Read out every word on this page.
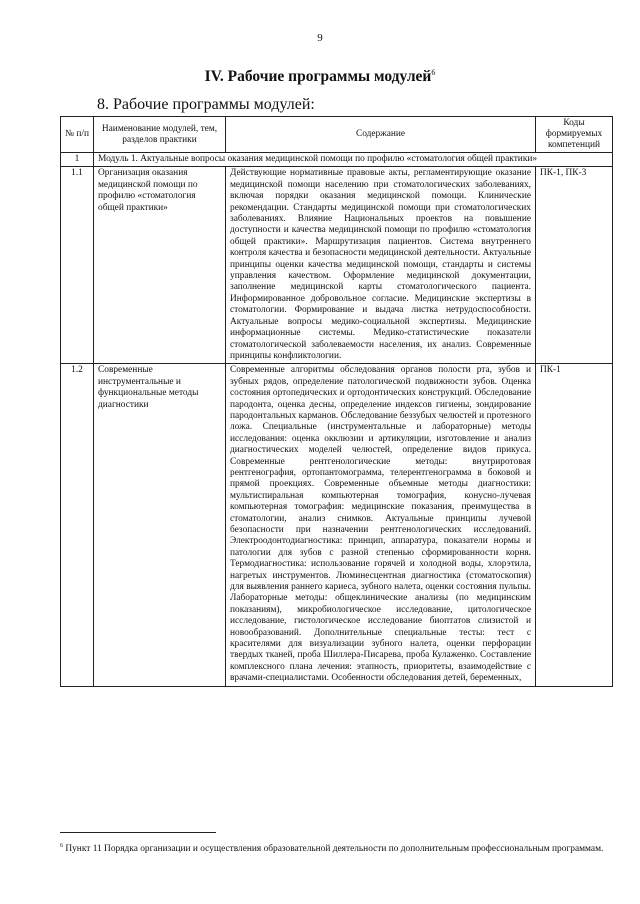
9
IV. Рабочие программы модулей$^6$
8. Рабочие программы модулей:
№ п/п	Наименование модулей, тем, разделов практики	Содержание	Коды формируемых компетенций
1	Модуль 1. Актуальные вопросы оказания медицинской помощи по профилю «стоматология общей практики»		
1.1	Организация оказания медицинской помощи по профилю «стоматология общей практики»	Действующие нормативные правовые акты, регламентирующие оказание медицинской помощи населению при стоматологических заболеваниях, включая порядки оказания медицинской помощи. Клинические рекомендации. Стандарты медицинской помощи при стоматологических заболеваниях. Влияние Национальных проектов на повышение доступности и качества медицинской помощи по профилю «стоматология общей практики». Маршрутизация пациентов. Система внутреннего контроля качества и безопасности медицинской деятельности. Актуальные принципы оценки качества медицинской помощи, стандарты и системы управления качеством. Оформление медицинской документации, заполнение медицинской карты стоматологического пациента. Информированное добровольное согласие. Медицинские экспертизы в стоматологии. Формирование и выдача листка нетрудоспособности. Актуальные вопросы медико-социальной экспертизы. Медицинские информационные системы. Медико-статистические показатели стоматологической заболеваемости населения, их анализ. Современные принципы конфликтологии.	ПК-1, ПК-3
1.2	Современные инструментальные и функциональные методы диагностики	Современные алгоритмы обследования органов полости рта, зубов и зубных рядов, определение патологической подвижности зубов. Оценка состояния ортопедических и ортодонтических конструкций. Обследование пародонта, оценка десны, определение индексов гигиены, зондирование пародонтальных карманов. Обследование беззубых челюстей и протезного ложа. Специальные (инструментальные и лабораторные) методы исследования: оценка окклюзии и артикуляции, изготовление и анализ диагностических моделей челюстей, определение видов прикуса. Современные рентгенологические методы: внутриротовая рентгенография, ортопантомограмма, телерентгенограмма в боковой и прямой проекциях. Современные объемные методы диагностики: мультиспиральная компьютерная томография, конусно-лучевая компьютерная томография: медицинские показания, преимущества в стоматологии, анализ снимков. Актуальные принципы лучевой безопасности при назначении рентгенологических исследований. Электроодонтодиагностика: принцип, аппаратура, показатели нормы и патологии для зубов с разной степенью сформированности корня. Термодиагностика: использование горячей и холодной воды, хлорэтила, нагретых инструментов. Люминесцентная диагностика (стоматоскопия) для выявления раннего кариеса, зубного налета, оценки состояния пульпы. Лабораторные методы: общеклинические анализы (по медицинским показаниям), микробиологическое исследование, цитологическое исследование, гистологическое исследование биоптатов слизистой и новообразований. Дополнительные специальные тесты: тест с красителями для визуализации зубного налета, оценки перфорации твердых тканей, проба Шиллера-Писарева, проба Кулаженко. Составление комплексного плана лечения: этапность, приоритеты, взаимодействие с врачами-специалистами. Особенности обследования детей, беременных,	ПК-1
$^6$ Пункт 11 Порядка организации и осуществления образовательной деятельности по дополнительным профессиональным программам.
